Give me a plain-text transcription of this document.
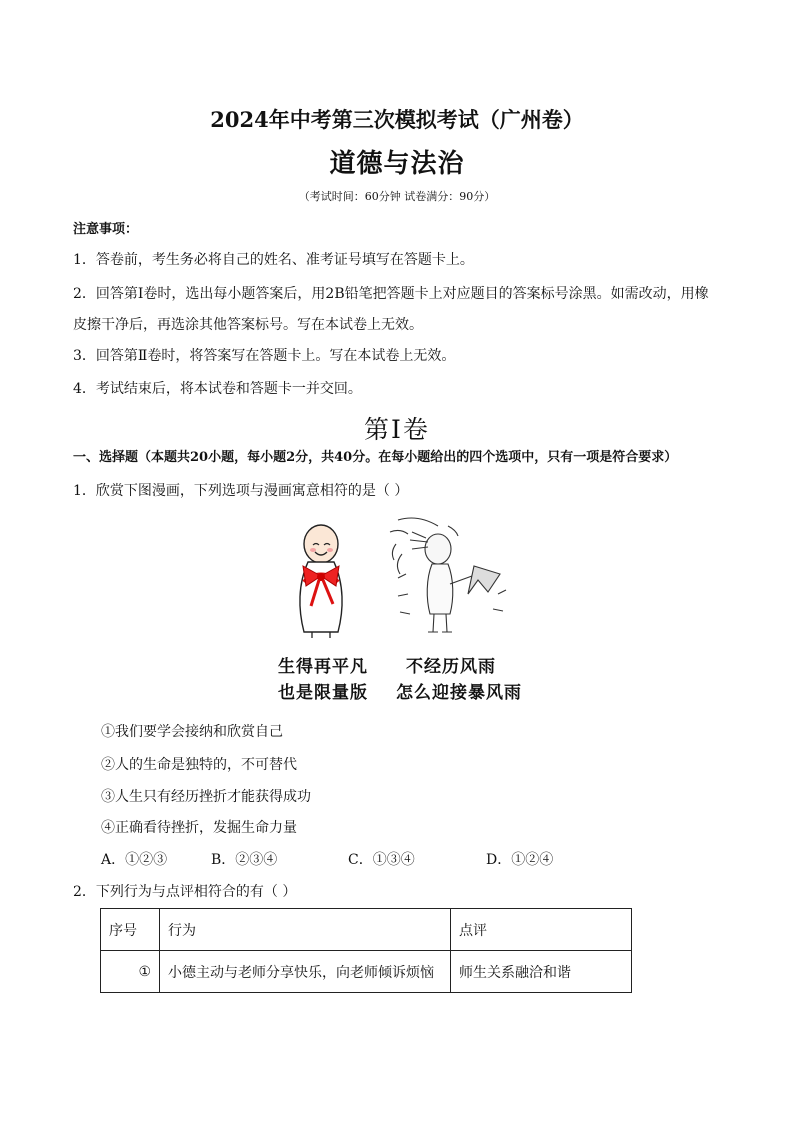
2024年中考第三次模拟考试（广州卷）
道德与法治
（考试时间：60分钟 试卷满分：90分）
注意事项：
1．答卷前，考生务必将自己的姓名、准考证号填写在答题卡上。
2．回答第Ⅰ卷时，选出每小题答案后，用2B铅笔把答题卡上对应题目的答案标号涂黑。如需改动，用橡
皮擦干净后，再选涂其他答案标号。写在本试卷上无效。
3．回答第Ⅱ卷时，将答案写在答题卡上。写在本试卷上无效。
4．考试结束后，将本试卷和答题卡一并交回。
第Ⅰ卷
一、选择题（本题共20小题，每小题2分，共40分。在每小题给出的四个选项中，只有一项是符合要求）
1．欣赏下图漫画，下列选项与漫画寓意相符的是（ ）
生得再平凡
也是限量版
不经历风雨
怎么迎接暴风雨
①我们要学会接纳和欣赏自己
②人的生命是独特的，不可替代
③人生只有经历挫折才能获得成功
④正确看待挫折，发掘生命力量
A．①②③	B．②③④	C．①③④	D．①②④
2．下列行为与点评相符合的有（ ）
序号	行为	点评
①	小德主动与老师分享快乐，向老师倾诉烦恼	师生关系融洽和谐
